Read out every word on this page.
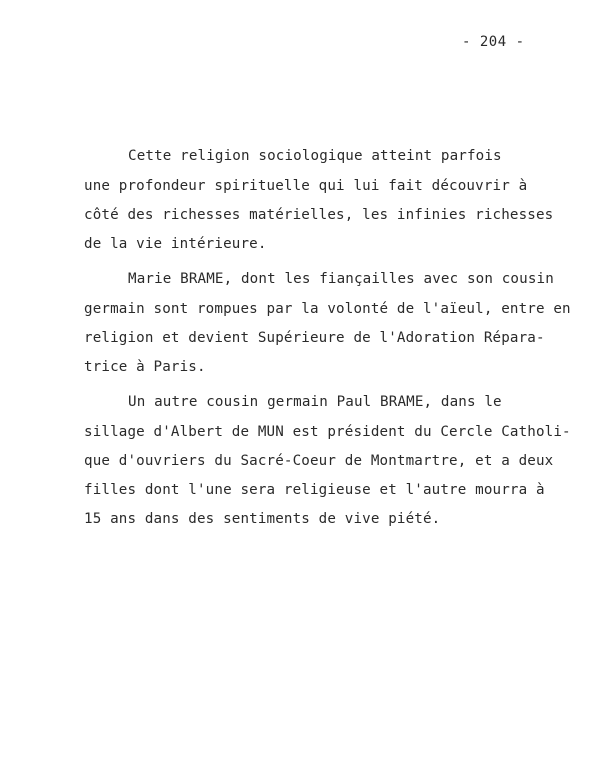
- 204 -
Cette religion sociologique atteint parfois
une profondeur spirituelle qui lui fait découvrir à
côté des richesses matérielles, les infinies richesses
de la vie intérieure.
Marie BRAME, dont les fiançailles avec son cousin
germain sont rompues par la volonté de l'aïeul, entre en
religion et devient Supérieure de l'Adoration Répara-
trice à Paris.
Un autre cousin germain Paul BRAME, dans le
sillage d'Albert de MUN est président du Cercle Catholi-
que d'ouvriers du Sacré-Coeur de Montmartre, et a deux
filles dont l'une sera religieuse et l'autre mourra à
15 ans dans des sentiments de vive piété.
